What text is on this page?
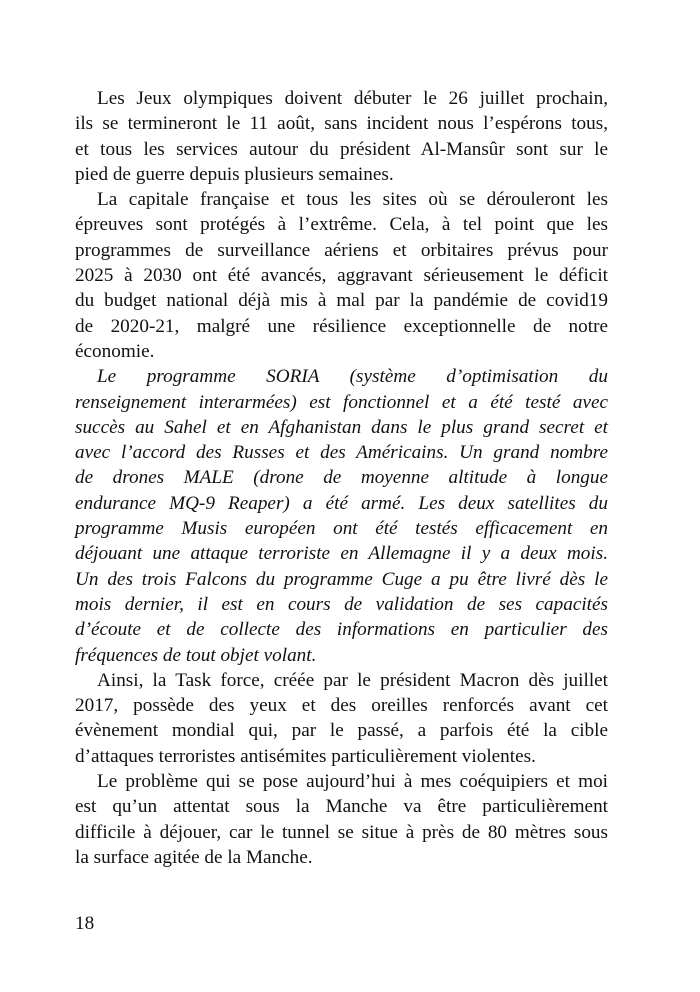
Les Jeux olympiques doivent débuter le 26 juillet prochain,
ils se termineront le 11 août, sans incident nous l’espérons tous,
et tous les services autour du président Al-Mansûr sont sur le
pied de guerre depuis plusieurs semaines.
La capitale française et tous les sites où se dérouleront les
épreuves sont protégés à l’extrême. Cela, à tel point que les
programmes de surveillance aériens et orbitaires prévus pour
2025 à 2030 ont été avancés, aggravant sérieusement le déficit
du budget national déjà mis à mal par la pandémie de covid19
de 2020-21, malgré une résilience exceptionnelle de notre
économie.
Le programme SORIA (système d’optimisation du
renseignement interarmées) est fonctionnel et a été testé avec
succès au Sahel et en Afghanistan dans le plus grand secret et
avec l’accord des Russes et des Américains. Un grand nombre
de drones MALE (drone de moyenne altitude à longue
endurance MQ-9 Reaper) a été armé. Les deux satellites du
programme Musis européen ont été testés efficacement en
déjouant une attaque terroriste en Allemagne il y a deux mois.
Un des trois Falcons du programme Cuge a pu être livré dès le
mois dernier, il est en cours de validation de ses capacités
d’écoute et de collecte des informations en particulier des
fréquences de tout objet volant.
Ainsi, la Task force, créée par le président Macron dès juillet
2017, possède des yeux et des oreilles renforcés avant cet
évènement mondial qui, par le passé, a parfois été la cible
d’attaques terroristes antisémites particulièrement violentes.
Le problème qui se pose aujourd’hui à mes coéquipiers et moi
est qu’un attentat sous la Manche va être particulièrement
difficile à déjouer, car le tunnel se situe à près de 80 mètres sous
la surface agitée de la Manche.
18
